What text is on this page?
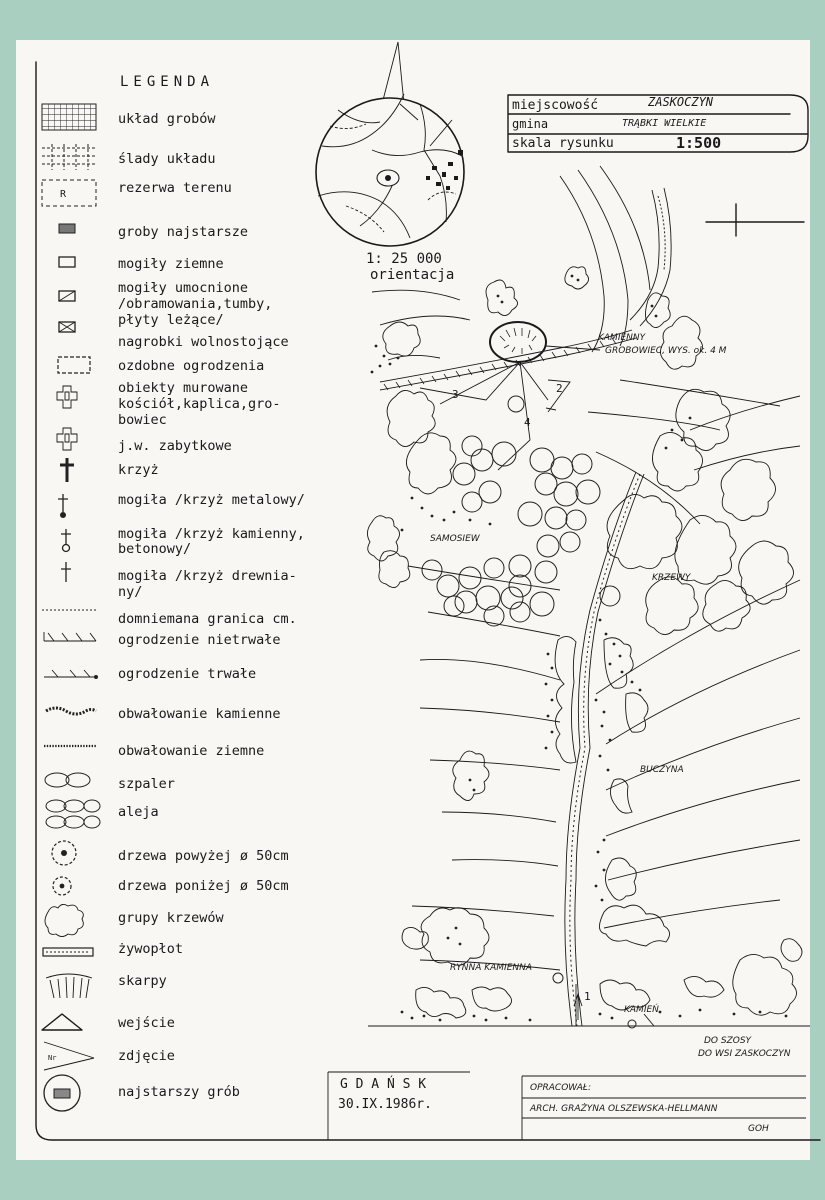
LEGENDA
R
Nr
układ grobów
ślady układu
rezerwa terenu
groby najstarsze
mogiły ziemne
mogiły umocnione
/obramowania,tumby,
płyty leżące/
nagrobki wolnostojące
ozdobne ogrodzenia
obiekty murowane
kościół,kaplica,gro-
bowiec
j.w. zabytkowe
krzyż
mogiła /krzyż metalowy/
mogiła /krzyż kamienny,
betonowy/
mogiła /krzyż drewnia-
ny/
domniemana granica cm.
ogrodzenie nietrwałe
ogrodzenie trwałe
obwałowanie kamienne
obwałowanie ziemne
szpaler
aleja
drzewa powyżej ø 50cm
drzewa poniżej ø 50cm
grupy krzewów
żywopłot
skarpy
wejście
zdjęcie
najstarszy grób
miejscowość	ZASKOCZYN
gmina	TRĄBKI WIELKIE
skala rysunku	1:500
1: 25 000
orientacja
KAMIENNY
GROBOWIEC, WYS. ok. 4 M
SAMOSIEW
KRZEWY
BUCZYNA
RYNNA KAMIENNA
KAMIEŃ
DO SZOSY
DO WSI ZASKOCZYN
2
3
4
1
G D A Ń S K
30.IX.1986r.
OPRACOWAŁ:
ARCH. GRAŻYNA OLSZEWSKA-HELLMANN
GOH
